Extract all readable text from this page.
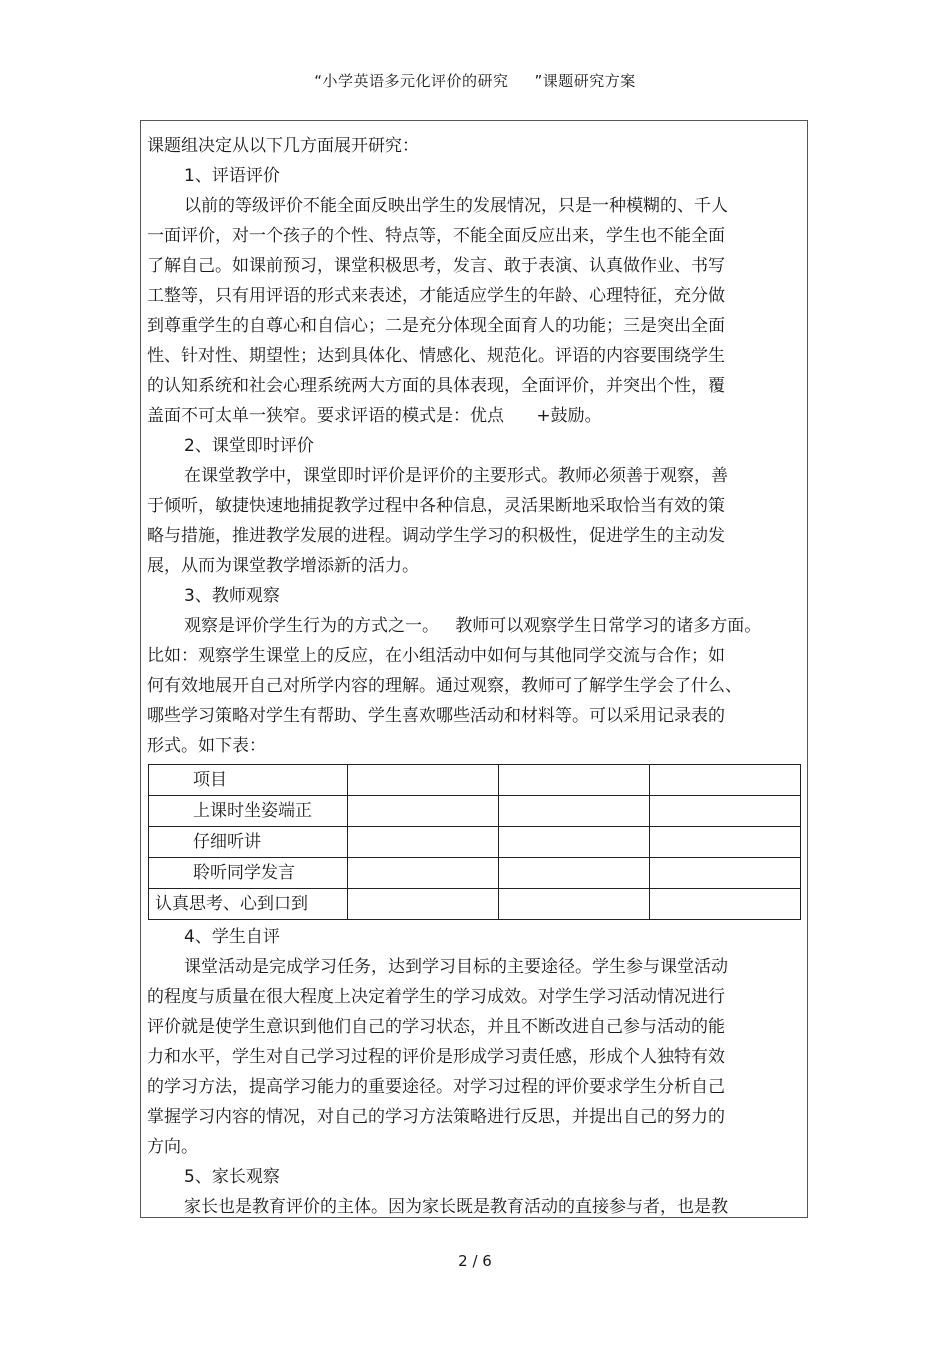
“小学英语多元化评价的研究 ”课题研究方案
课题组决定从以下几方面展开研究：
1、评语评价
以前的等级评价不能全面反映出学生的发展情况，只是一种模糊的、千人
一面评价，对一个孩子的个性、特点等，不能全面反应出来，学生也不能全面
了解自己。如课前预习，课堂积极思考，发言、敢于表演、认真做作业、书写
工整等，只有用评语的形式来表述，才能适应学生的年龄、心理特征，充分做
到尊重学生的自尊心和自信心；二是充分体现全面育人的功能；三是突出全面
性、针对性、期望性；达到具体化、情感化、规范化。评语的内容要围绕学生
的认知系统和社会心理系统两大方面的具体表现，全面评价，并突出个性，覆
盖面不可太单一狭窄。要求评语的模式是：优点      +鼓励。
2、课堂即时评价
在课堂教学中，课堂即时评价是评价的主要形式。教师必须善于观察，善
于倾听，敏捷快速地捕捉教学过程中各种信息，灵活果断地采取恰当有效的策
略与措施，推进教学发展的进程。调动学生学习的积极性，促进学生的主动发
展，从而为课堂教学增添新的活力。
3、教师观察
观察是评价学生行为的方式之一。   教师可以观察学生日常学习的诸多方面。
比如：观察学生课堂上的反应，在小组活动中如何与其他同学交流与合作；如
何有效地展开自己对所学内容的理解。通过观察，教师可了解学生学会了什么、
哪些学习策略对学生有帮助、学生喜欢哪些活动和材料等。可以采用记录表的
形式。如下表：
项目			
上课时坐姿端正			
仔细听讲			
聆听同学发言			
认真思考、心到口到			
4、学生自评
课堂活动是完成学习任务，达到学习目标的主要途径。学生参与课堂活动
的程度与质量在很大程度上决定着学生的学习成效。对学生学习活动情况进行
评价就是使学生意识到他们自己的学习状态，并且不断改进自己参与活动的能
力和水平，学生对自己学习过程的评价是形成学习责任感，形成个人独特有效
的学习方法，提高学习能力的重要途径。对学习过程的评价要求学生分析自己
掌握学习内容的情况，对自己的学习方法策略进行反思，并提出自己的努力的
方向。
5、家长观察
家长也是教育评价的主体。因为家长既是教育活动的直接参与者，也是教
2 / 6
